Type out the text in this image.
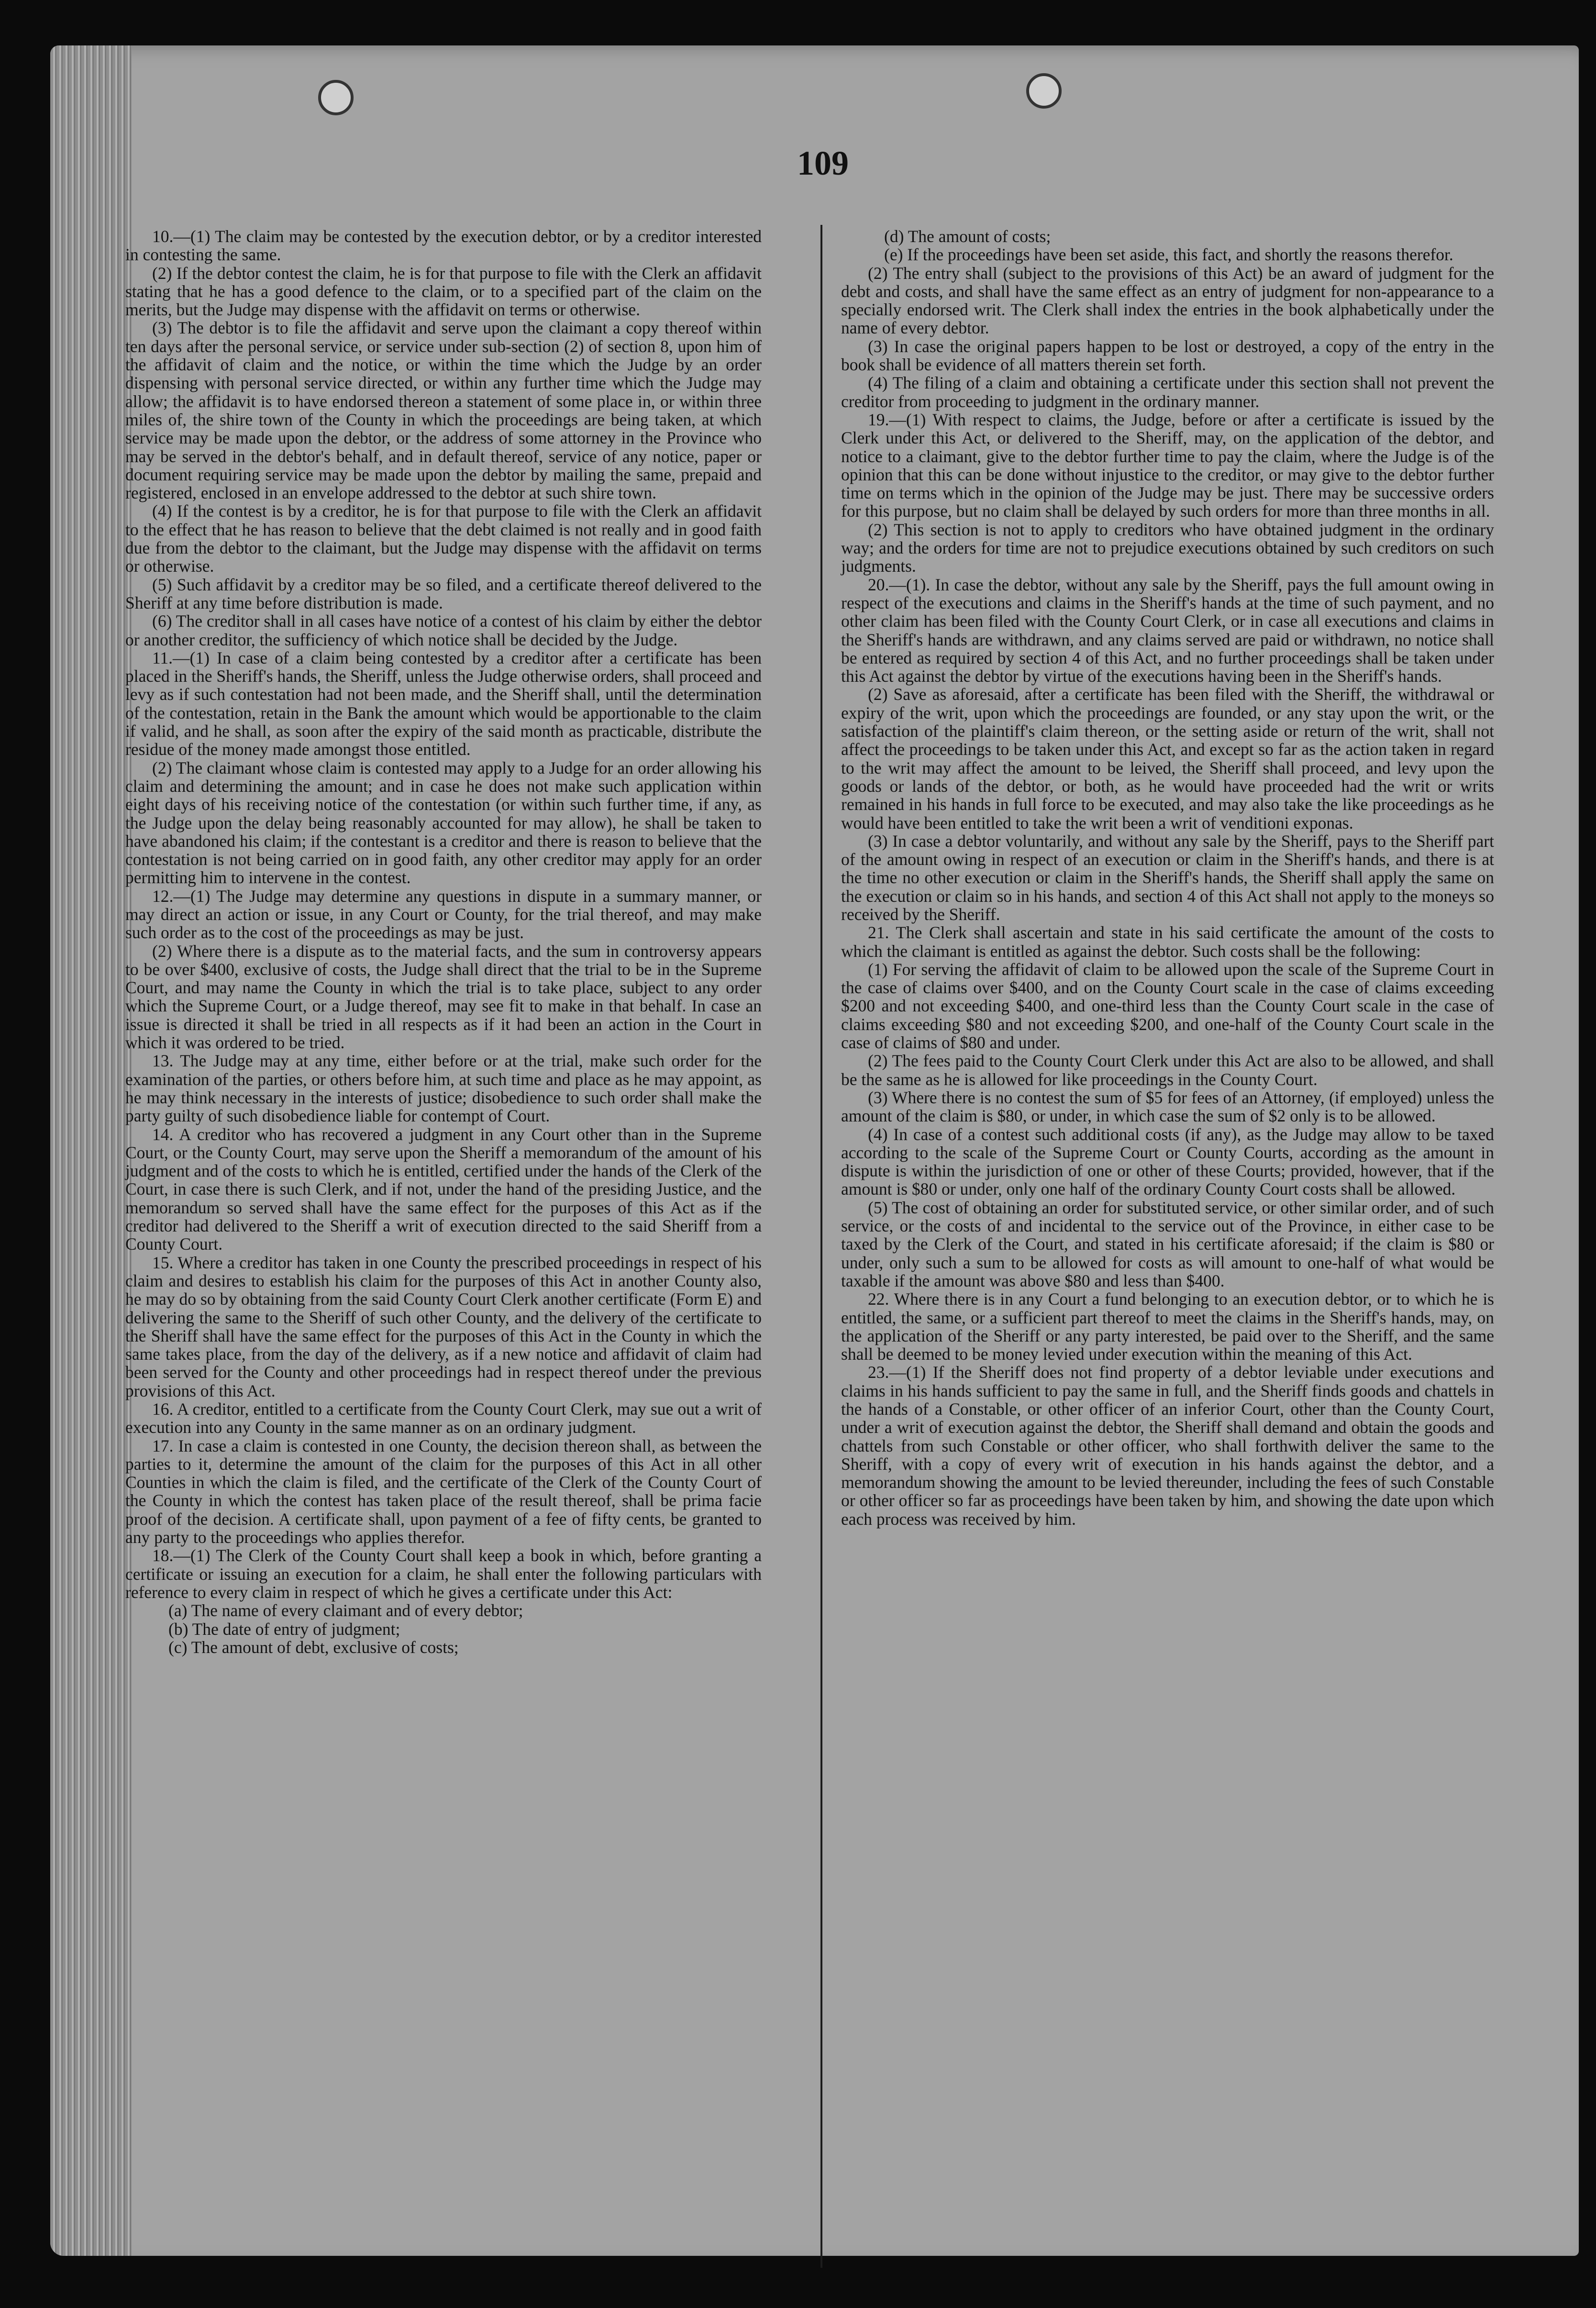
109

10.—(1) The claim may be contested by the execution debtor, or by a creditor interested in contesting the same.

(2) If the debtor contest the claim, he is for that purpose to file with the Clerk an affidavit stating that he has a good defence to the claim, or to a specified part of the claim on the merits, but the Judge may dispense with the affidavit on terms or otherwise.

(3) The debtor is to file the affidavit and serve upon the claimant a copy thereof within ten days after the personal service, or service under sub-section (2) of section 8, upon him of the affidavit of claim and the notice, or within the time which the Judge by an order dispensing with personal service directed, or within any further time which the Judge may allow; the affidavit is to have endorsed thereon a statement of some place in, or within three miles of, the shire town of the County in which the proceedings are being taken, at which service may be made upon the debtor, or the address of some attorney in the Province who may be served in the debtor's behalf, and in default thereof, service of any notice, paper or document requiring service may be made upon the debtor by mailing the same, prepaid and registered, enclosed in an envelope addressed to the debtor at such shire town.

(4) If the contest is by a creditor, he is for that purpose to file with the Clerk an affidavit to the effect that he has reason to believe that the debt claimed is not really and in good faith due from the debtor to the claimant, but the Judge may dispense with the affidavit on terms or otherwise.

(5) Such affidavit by a creditor may be so filed, and a certificate thereof delivered to the Sheriff at any time before distribution is made.

(6) The creditor shall in all cases have notice of a contest of his claim by either the debtor or another creditor, the sufficiency of which notice shall be decided by the Judge.

11.—(1) In case of a claim being contested by a creditor after a certificate has been placed in the Sheriff's hands, the Sheriff, unless the Judge otherwise orders, shall proceed and levy as if such contestation had not been made, and the Sheriff shall, until the determination of the contestation, retain in the Bank the amount which would be apportionable to the claim if valid, and he shall, as soon after the expiry of the said month as practicable, distribute the residue of the money made amongst those entitled.

(2) The claimant whose claim is contested may apply to a Judge for an order allowing his claim and determining the amount; and in case he does not make such application within eight days of his receiving notice of the contestation (or within such further time, if any, as the Judge upon the delay being reasonably accounted for may allow), he shall be taken to have abandoned his claim; if the contestant is a creditor and there is reason to believe that the contestation is not being carried on in good faith, any other creditor may apply for an order permitting him to intervene in the contest.

12.—(1) The Judge may determine any questions in dispute in a summary manner, or may direct an action or issue, in any Court or County, for the trial thereof, and may make such order as to the cost of the proceedings as may be just.

(2) Where there is a dispute as to the material facts, and the sum in controversy appears to be over $400, exclusive of costs, the Judge shall direct that the trial to be in the Supreme Court, and may name the County in which the trial is to take place, subject to any order which the Supreme Court, or a Judge thereof, may see fit to make in that behalf. In case an issue is directed it shall be tried in all respects as if it had been an action in the Court in which it was ordered to be tried.

13. The Judge may at any time, either before or at the trial, make such order for the examination of the parties, or others before him, at such time and place as he may appoint, as he may think necessary in the interests of justice; disobedience to such order shall make the party guilty of such disobedience liable for contempt of Court.

14. A creditor who has recovered a judgment in any Court other than in the Supreme Court, or the County Court, may serve upon the Sheriff a memorandum of the amount of his judgment and of the costs to which he is entitled, certified under the hands of the Clerk of the Court, in case there is such Clerk, and if not, under the hand of the presiding Justice, and the memorandum so served shall have the same effect for the purposes of this Act as if the creditor had delivered to the Sheriff a writ of execution directed to the said Sheriff from a County Court.

15. Where a creditor has taken in one County the prescribed proceedings in respect of his claim and desires to establish his claim for the purposes of this Act in another County also, he may do so by obtaining from the said County Court Clerk another certificate (Form E) and delivering the same to the Sheriff of such other County, and the delivery of the certificate to the Sheriff shall have the same effect for the purposes of this Act in the County in which the same takes place, from the day of the delivery, as if a new notice and affidavit of claim had been served for the County and other proceedings had in respect thereof under the previous provisions of this Act.

16. A creditor, entitled to a certificate from the County Court Clerk, may sue out a writ of execution into any County in the same manner as on an ordinary judgment.

17. In case a claim is contested in one County, the decision thereon shall, as between the parties to it, determine the amount of the claim for the purposes of this Act in all other Counties in which the claim is filed, and the certificate of the Clerk of the County Court of the County in which the contest has taken place of the result thereof, shall be prima facie proof of the decision. A certificate shall, upon payment of a fee of fifty cents, be granted to any party to the proceedings who applies therefor.

18.—(1) The Clerk of the County Court shall keep a book in which, before granting a certificate or issuing an execution for a claim, he shall enter the following particulars with reference to every claim in respect of which he gives a certificate under this Act:

(a) The name of every claimant and of every debtor;

(b) The date of entry of judgment;

(c) The amount of debt, exclusive of costs;

(d) The amount of costs;

(e) If the proceedings have been set aside, this fact, and shortly the reasons therefor.

(2) The entry shall (subject to the provisions of this Act) be an award of judgment for the debt and costs, and shall have the same effect as an entry of judgment for non-appearance to a specially endorsed writ. The Clerk shall index the entries in the book alphabetically under the name of every debtor.

(3) In case the original papers happen to be lost or destroyed, a copy of the entry in the book shall be evidence of all matters therein set forth.

(4) The filing of a claim and obtaining a certificate under this section shall not prevent the creditor from proceeding to judgment in the ordinary manner.

19.—(1) With respect to claims, the Judge, before or after a certificate is issued by the Clerk under this Act, or delivered to the Sheriff, may, on the application of the debtor, and notice to a claimant, give to the debtor further time to pay the claim, where the Judge is of the opinion that this can be done without injustice to the creditor, or may give to the debtor further time on terms which in the opinion of the Judge may be just. There may be successive orders for this purpose, but no claim shall be delayed by such orders for more than three months in all.

(2) This section is not to apply to creditors who have obtained judgment in the ordinary way; and the orders for time are not to prejudice executions obtained by such creditors on such judgments.

20.—(1). In case the debtor, without any sale by the Sheriff, pays the full amount owing in respect of the executions and claims in the Sheriff's hands at the time of such payment, and no other claim has been filed with the County Court Clerk, or in case all executions and claims in the Sheriff's hands are withdrawn, and any claims served are paid or withdrawn, no notice shall be entered as required by section 4 of this Act, and no further proceedings shall be taken under this Act against the debtor by virtue of the executions having been in the Sheriff's hands.

(2) Save as aforesaid, after a certificate has been filed with the Sheriff, the withdrawal or expiry of the writ, upon which the proceedings are founded, or any stay upon the writ, or the satisfaction of the plaintiff's claim thereon, or the setting aside or return of the writ, shall not affect the proceedings to be taken under this Act, and except so far as the action taken in regard to the writ may affect the amount to be leived, the Sheriff shall proceed, and levy upon the goods or lands of the debtor, or both, as he would have proceeded had the writ or writs remained in his hands in full force to be executed, and may also take the like proceedings as he would have been entitled to take the writ been a writ of venditioni exponas.

(3) In case a debtor voluntarily, and without any sale by the Sheriff, pays to the Sheriff part of the amount owing in respect of an execution or claim in the Sheriff's hands, and there is at the time no other execution or claim in the Sheriff's hands, the Sheriff shall apply the same on the execution or claim so in his hands, and section 4 of this Act shall not apply to the moneys so received by the Sheriff.

21. The Clerk shall ascertain and state in his said certificate the amount of the costs to which the claimant is entitled as against the debtor. Such costs shall be the following:

(1) For serving the affidavit of claim to be allowed upon the scale of the Supreme Court in the case of claims over $400, and on the County Court scale in the case of claims exceeding $200 and not exceeding $400, and one-third less than the County Court scale in the case of claims exceeding $80 and not exceeding $200, and one-half of the County Court scale in the case of claims of $80 and under.

(2) The fees paid to the County Court Clerk under this Act are also to be allowed, and shall be the same as he is allowed for like proceedings in the County Court.

(3) Where there is no contest the sum of $5 for fees of an Attorney, (if employed) unless the amount of the claim is $80, or under, in which case the sum of $2 only is to be allowed.

(4) In case of a contest such additional costs (if any), as the Judge may allow to be taxed according to the scale of the Supreme Court or County Courts, according as the amount in dispute is within the jurisdiction of one or other of these Courts; provided, however, that if the amount is $80 or under, only one half of the ordinary County Court costs shall be allowed.

(5) The cost of obtaining an order for substituted service, or other similar order, and of such service, or the costs of and incidental to the service out of the Province, in either case to be taxed by the Clerk of the Court, and stated in his certificate aforesaid; if the claim is $80 or under, only such a sum to be allowed for costs as will amount to one-half of what would be taxable if the amount was above $80 and less than $400.

22. Where there is in any Court a fund belonging to an execution debtor, or to which he is entitled, the same, or a sufficient part thereof to meet the claims in the Sheriff's hands, may, on the application of the Sheriff or any party interested, be paid over to the Sheriff, and the same shall be deemed to be money levied under execution within the meaning of this Act.

23.—(1) If the Sheriff does not find property of a debtor leviable under executions and claims in his hands sufficient to pay the same in full, and the Sheriff finds goods and chattels in the hands of a Constable, or other officer of an inferior Court, other than the County Court, under a writ of execution against the debtor, the Sheriff shall demand and obtain the goods and chattels from such Constable or other officer, who shall forthwith deliver the same to the Sheriff, with a copy of every writ of execution in his hands against the debtor, and a memorandum showing the amount to be levied thereunder, including the fees of such Constable or other officer so far as proceedings have been taken by him, and showing the date upon which each process was received by him.
